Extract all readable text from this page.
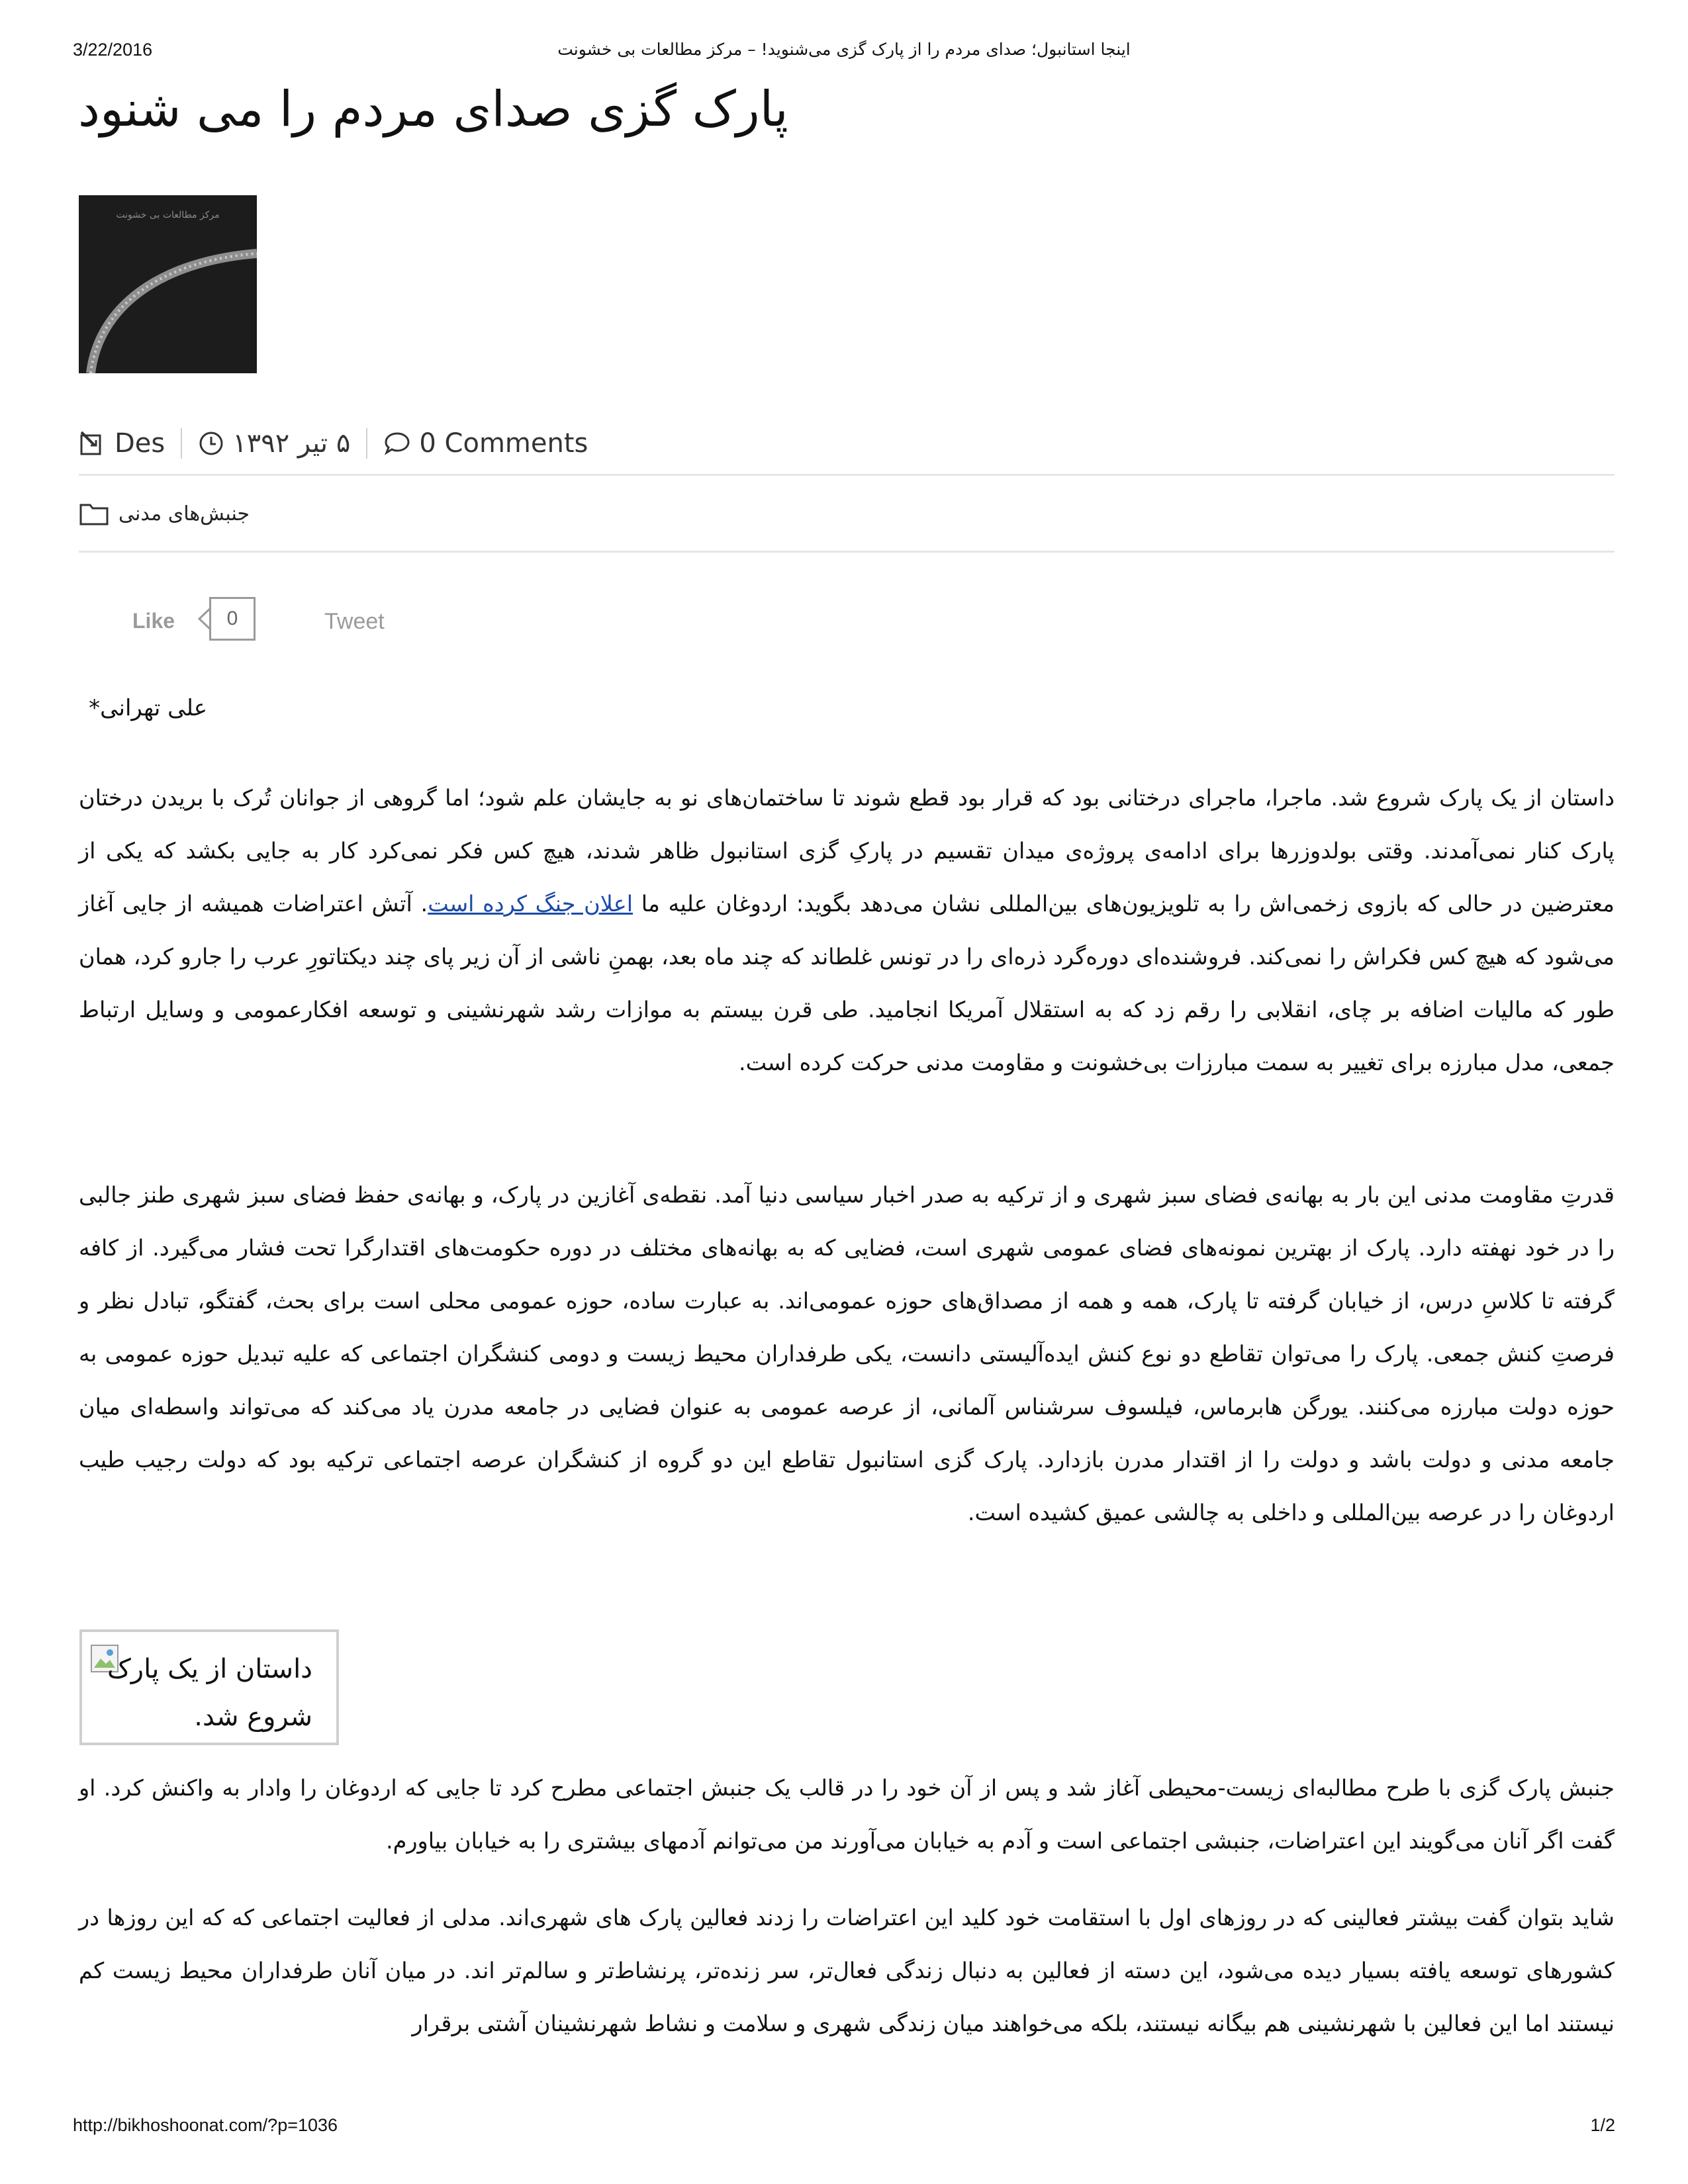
3/22/2016	اینجا استانبول؛ صدای مردم را از پارک گزی می‌شنوید! – مرکز مطالعات بی خشونت
پارک گزی صدای مردم را می شنود
مرکز مطالعات بی خشونت
Des	۵ تیر ۱۳۹۲	0 Comments
جنبش‌های مدنی
Like	0	Tweet
علی تهرانی*

داستان از یک پارک شروع شد. ماجرا، ماجرای درختانی بود که قرار بود قطع شوند تا ساختمان‌های نو به جایشان علم شود؛ اما گروهی از جوانان تُرک با بریدن درختان پارک کنار نمی‌آمدند. وقتی بولدوزرها برای ادامه‌ی پروژه‌ی میدان تقسیم در پارکِ گزی استانبول ظاهر شدند، هیچ کس فکر نمی‌کرد کار به جایی بکشد که یکی از معترضین در حالی که بازوی زخمی‌اش را به تلویزیون‌های بین‌المللی نشان می‌دهد بگوید: اردوغان علیه ما اعلان جنگ کرده است. آتش اعتراضات همیشه از جایی آغاز می‌شود که هیچ کس فکراش را نمی‌کند. فروشنده‌ای دوره‌گرد ذره‌ای را در تونس غلطاند که چند ماه بعد، بهمنِ ناشی از آن زیر پای چند دیکتاتورِ عرب را جارو کرد، همان طور که مالیات اضافه بر چای، انقلابی را رقم زد که به استقلال آمریکا انجامید. طی قرن بیستم به موازات رشد شهرنشینی و توسعه افکارعمومی و وسایل ارتباط جمعی، مدل مبارزه برای تغییر به سمت مبارزات بی‌خشونت و مقاومت مدنی حرکت کرده است.

قدرتِ مقاومت مدنی این بار به بهانه‌ی فضای سبز شهری و از ترکیه به صدر اخبار سیاسی دنیا آمد. نقطه‌ی آغازین در پارک، و بهانه‌ی حفظ فضای سبز شهری طنز جالبی را در خود نهفته دارد. پارک از بهترین نمونه‌های فضای عمومی شهری است، فضایی که به بهانه‌های مختلف در دوره حکومت‌های اقتدارگرا تحت فشار می‌گیرد. از کافه گرفته تا کلاسِ درس، از خیابان گرفته تا پارک، همه و همه از مصداق‌های حوزه عمومی‌اند. به عبارت ساده، حوزه عمومی محلی است برای بحث، گفتگو، تبادل نظر و فرصتِ کنش جمعی. پارک را می‌توان تقاطع دو نوع کنش ایده‌آلیستی دانست، یکی طرفداران محیط زیست و دومی کنشگران اجتماعی که علیه تبدیل حوزه عمومی به حوزه دولت مبارزه می‌کنند. یورگن هابرماس، فیلسوف سرشناس آلمانی، از عرصه عمومی به عنوان فضایی در جامعه مدرن یاد می‌کند که می‌تواند واسطه‌ای میان جامعه مدنی و دولت باشد و دولت را از اقتدار مدرن بازدارد. پارک گزی استانبول تقاطع این دو گروه از کنشگران عرصه اجتماعی ترکیه بود که دولت رجیب طیب اردوغان را در عرصه بین‌المللی و داخلی به چالشی عمیق کشیده است.

داستان از یک پارک شروع شد.

جنبش پارک گزی با طرح مطالبه‌ای زیست-محیطی آغاز شد و پس از آن خود را در قالب یک جنبش اجتماعی مطرح کرد تا جایی که اردوغان را وادار به واکنش کرد. او گفت اگر آنان می‌گویند این اعتراضات، جنبشی اجتماعی است و آدم به خیابان می‌آورند من می‌توانم آدمهای بیشتری را به خیابان بیاورم.

شاید بتوان گفت بیشتر فعالینی که در روزهای اول با استقامت خود کلید این اعتراضات را زدند فعالین پارک های شهری‌اند. مدلی از فعالیت اجتماعی که که این روزها در کشورهای توسعه یافته بسیار دیده می‌شود، این دسته از فعالین به دنبال زندگی فعال‌تر، سر زنده‌تر، پرنشاط‌تر و سالم‌تر اند. در میان آنان طرفداران محیط زیست کم نیستند اما این فعالین با شهرنشینی هم بیگانه نیستند، بلکه می‌خواهند میان زندگی شهری و سلامت و نشاط شهرنشینان آشتی برقرار

http://bikhoshoonat.com/?p=1036	1/2
